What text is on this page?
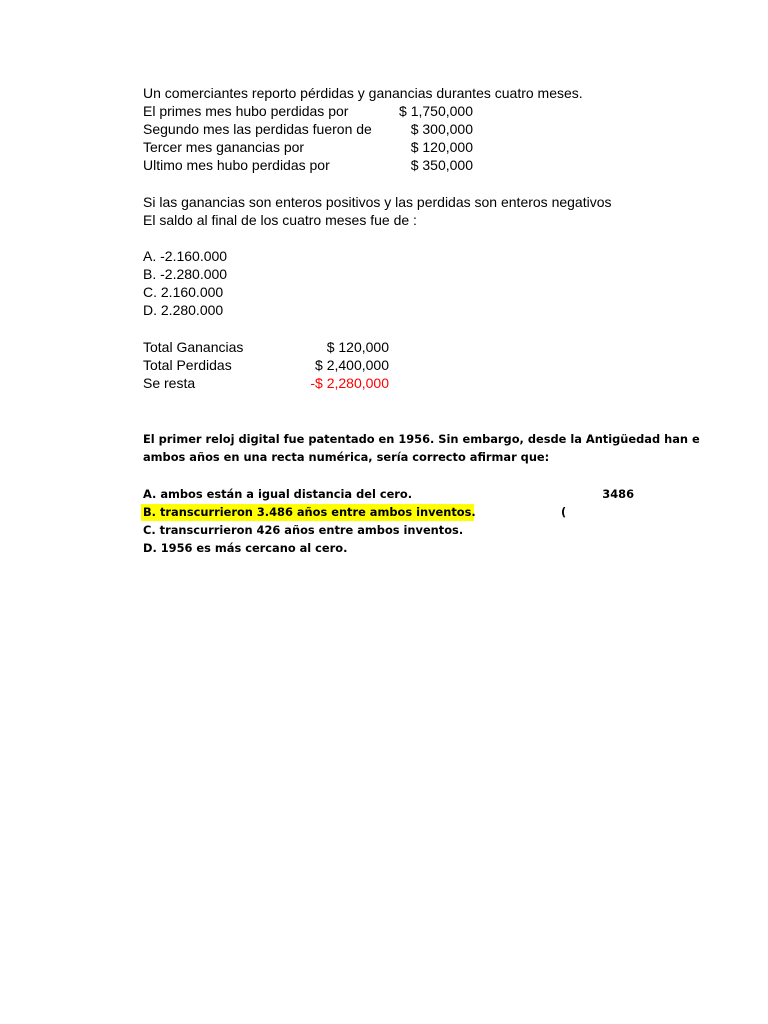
Un comerciantes reporto pérdidas y ganancias durantes cuatro meses.
El primes mes hubo perdidas por	$ 1,750,000
Segundo mes las perdidas fueron de	$ 300,000
Tercer mes ganancias por	$ 120,000
Ultimo mes hubo perdidas por	$ 350,000
Si las ganancias son enteros positivos y las perdidas son enteros negativos
El saldo al final de los cuatro meses fue de :
A. -2.160.000
B. -2.280.000
C. 2.160.000
D. 2.280.000
Total Ganancias	$ 120,000
Total Perdidas	$ 2,400,000
Se resta	-$ 2,280,000
El primer reloj digital fue patentado en 1956. Sin embargo, desde la Antigüedad han e
ambos años en una recta numérica, sería correcto afirmar que:
A. ambos están a igual distancia del cero.	3486
B. transcurrieron 3.486 años entre ambos inventos.	(
C. transcurrieron 426 años entre ambos inventos.
D. 1956 es más cercano al cero.
